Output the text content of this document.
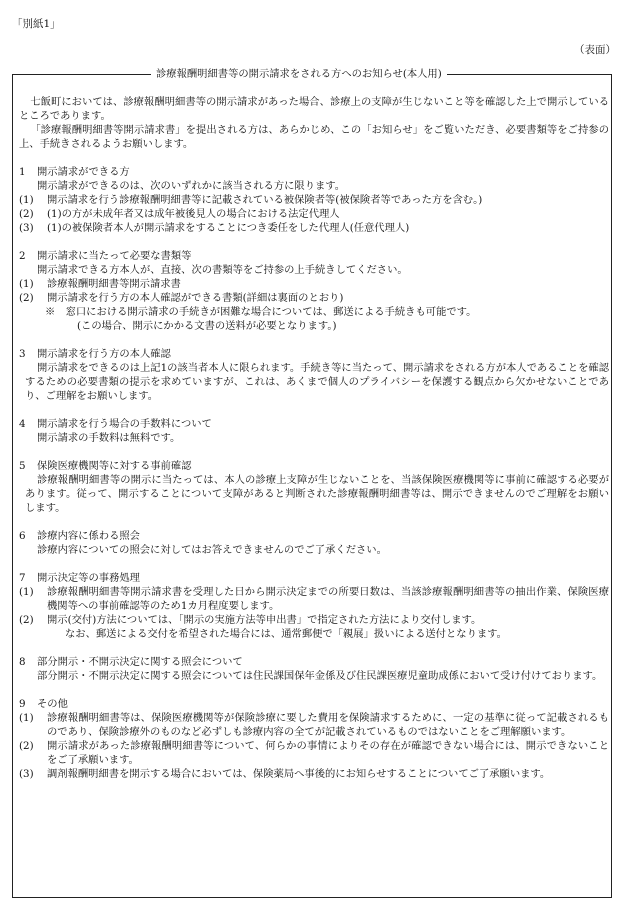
「別紙1」
（表面）
診療報酬明細書等の開示請求をされる方へのお知らせ(本人用)

七飯町においては、診療報酬明細書等の開示請求があった場合、診療上の支障が生じないこと等を確認した上で開示しているところであります。

「診療報酬明細書等開示請求書」を提出される方は、あらかじめ、この「お知らせ」をご覧いただき、必要書類等をご持参の上、手続きされるようお願いします。

1 開示請求ができる方

開示請求ができるのは、次のいずれかに該当される方に限ります。

(1)	開示請求を行う診療報酬明細書等に記載されている被保険者等(被保険者等であった方を含む。)
(2)	(1)の方が未成年者又は成年被後見人の場合における法定代理人
(3)	(1)の被保険者本人が開示請求をすることにつき委任をした代理人(任意代理人)

2 開示請求に当たって必要な書類等

開示請求できる方本人が、直接、次の書類等をご持参の上手続きしてください。

(1)	診療報酬明細書等開示請求書
(2)	開示請求を行う方の本人確認ができる書類(詳細は裏面のとおり)

※　窓口における開示請求の手続きが困難な場合については、郵送による手続きも可能です。

(この場合、開示にかかる文書の送料が必要となります。)

3 開示請求を行う方の本人確認

開示請求をできるのは上記1の該当者本人に限られます。手続き等に当たって、開示請求をされる方が本人であることを確認するための必要書類の提示を求めていますが、これは、あくまで個人のプライバシーを保護する観点から欠かせないことであり、ご理解をお願いします。

4 開示請求を行う場合の手数料について

開示請求の手数料は無料です。

5 保険医療機関等に対する事前確認

診療報酬明細書等の開示に当たっては、本人の診療上支障が生じないことを、当該保険医療機関等に事前に確認する必要があります。従って、開示することについて支障があると判断された診療報酬明細書等は、開示できませんのでご理解をお願いします。

6 診療内容に係わる照会

診療内容についての照会に対してはお答えできませんのでご了承ください。

7 開示決定等の事務処理

(1)	診療報酬明細書等開示請求書を受理した日から開示決定までの所要日数は、当該診療報酬明細書等の抽出作業、保険医療機関等への事前確認等のため1カ月程度要します。
(2)	開示(交付)方法については、「開示の実施方法等申出書」で指定された方法により交付します。

なお、郵送による交付を希望された場合には、通常郵便で「親展」扱いによる送付となります。

8 部分開示・不開示決定に関する照会について

部分開示・不開示決定に関する照会については住民課国保年金係及び住民課医療児童助成係において受け付けております。

9 その他

(1)	診療報酬明細書等は、保険医療機関等が保険診療に要した費用を保険請求するために、一定の基準に従って記載されるものであり、保険診療外のものなど必ずしも診療内容の全てが記載されているものではないことをご理解願います。
(2)	開示請求があった診療報酬明細書等について、何らかの事情によりその存在が確認できない場合には、開示できないことをご了承願います。
(3)	調剤報酬明細書を開示する場合においては、保険薬局へ事後的にお知らせすることについてご了承願います。
